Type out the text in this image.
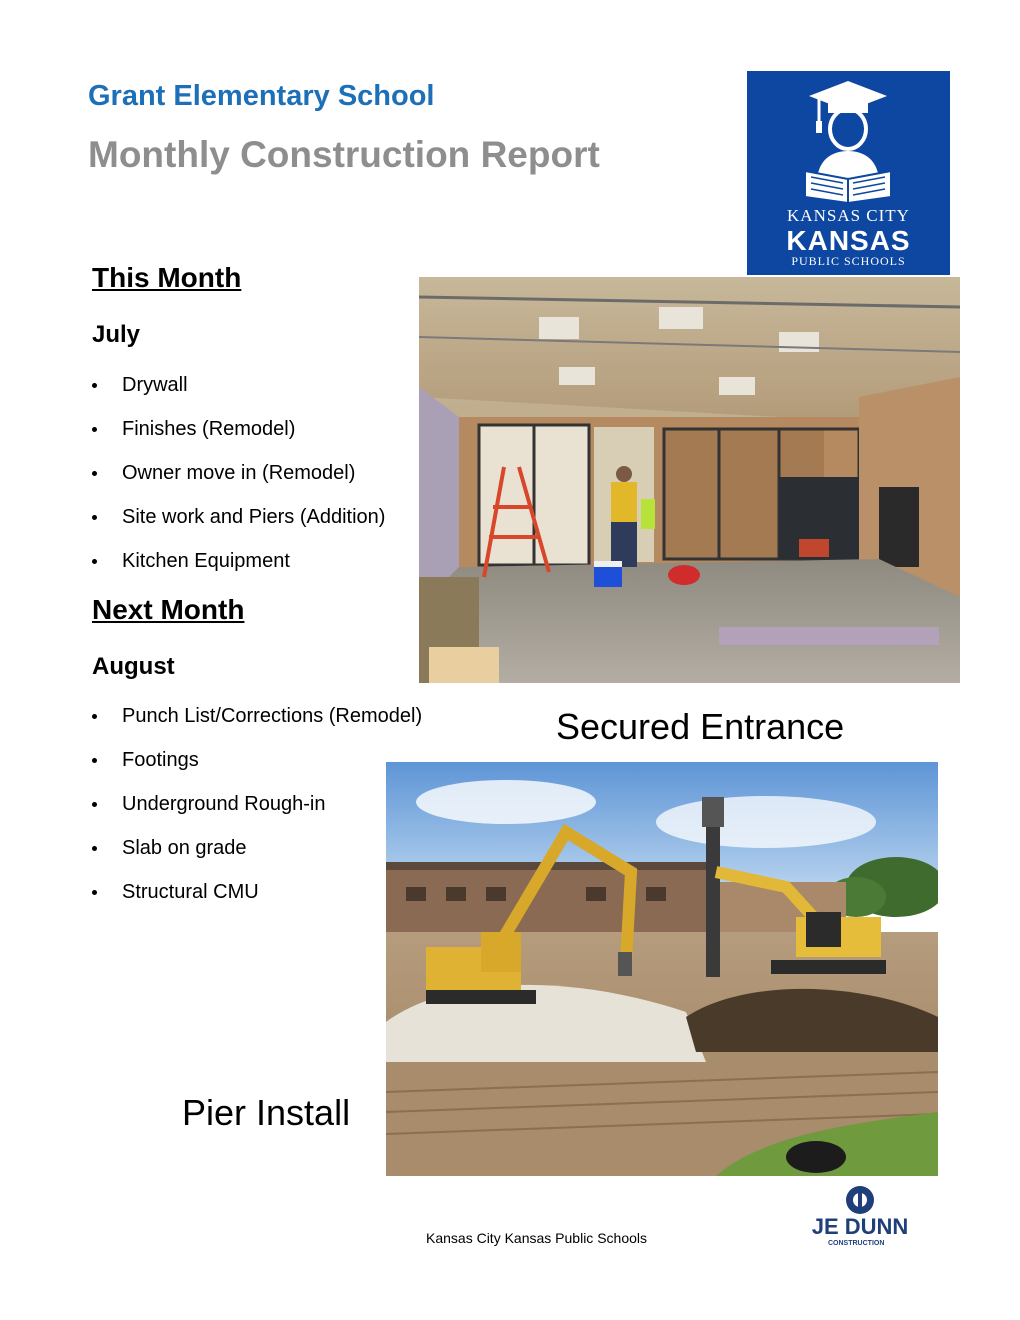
Grant Elementary School
Monthly Construction Report
KANSAS CITY
KANSAS
PUBLIC SCHOOLS
This Month
July
Drywall
Finishes (Remodel)
Owner move in (Remodel)
Site work and Piers (Addition)
Kitchen Equipment
Next Month
August
Punch List/Corrections (Remodel)
Footings
Underground Rough-in
Slab on grade
Structural CMU
Secured Entrance
Pier Install
Kansas City Kansas Public Schools	JE DUNN
CONSTRUCTION
